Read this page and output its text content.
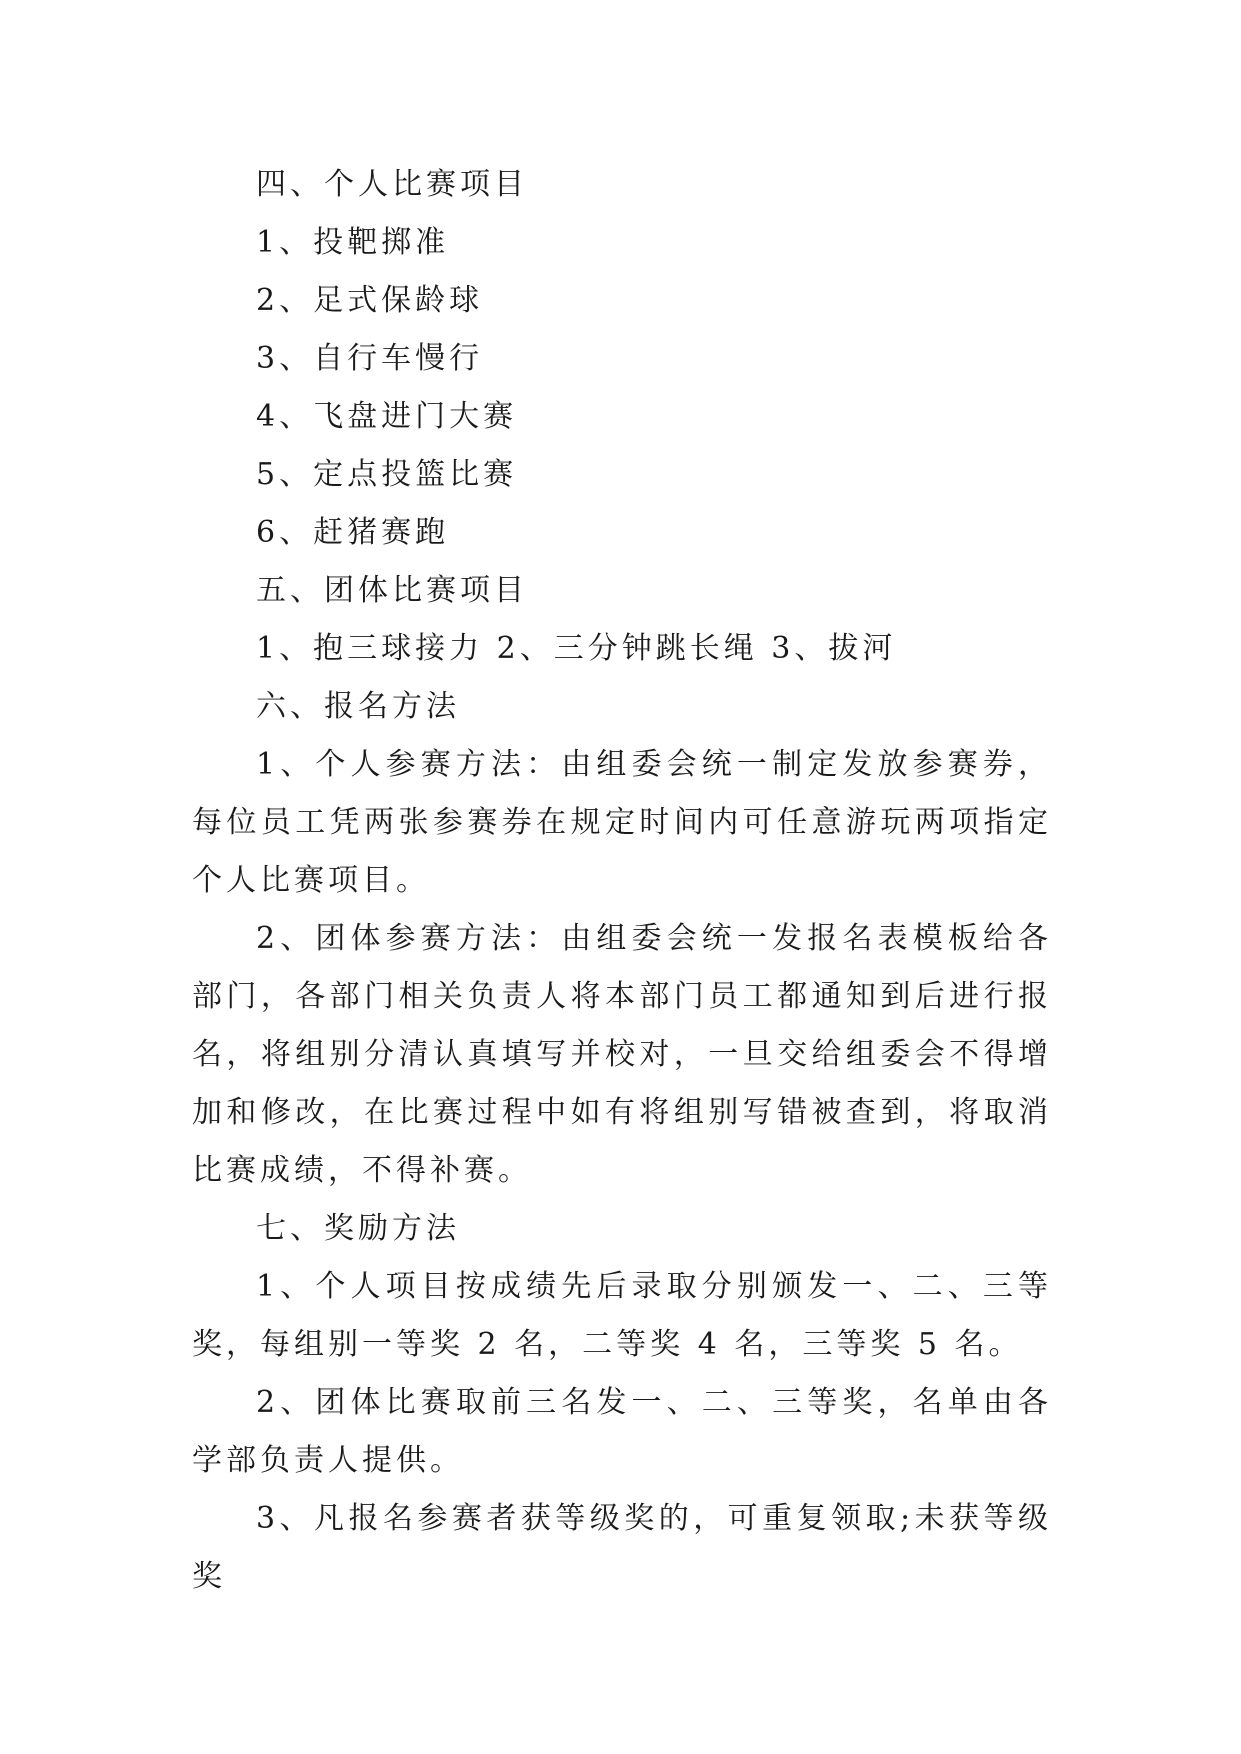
四、个人比赛项目
1、投靶掷准
2、足式保龄球
3、自行车慢行
4、飞盘进门大赛
5、定点投篮比赛
6、赶猪赛跑
五、团体比赛项目
1、抱三球接力 2、三分钟跳长绳 3、拔河
六、报名方法

1、个人参赛方法：由组委会统一制定发放参赛券，每位员工凭两张参赛券在规定时间内可任意游玩两项指定个人比赛项目。

2、团体参赛方法：由组委会统一发报名表模板给各部门，各部门相关负责人将本部门员工都通知到后进行报名，将组别分清认真填写并校对，一旦交给组委会不得增加和修改，在比赛过程中如有将组别写错被查到，将取消比赛成绩，不得补赛。

七、奖励方法

1、个人项目按成绩先后录取分别颁发一、二、三等奖，每组别一等奖 2 名，二等奖 4 名，三等奖 5 名。

2、团体比赛取前三名发一、二、三等奖，名单由各学部负责人提供。

3、凡报名参赛者获等级奖的，可重复领取;未获等级奖
